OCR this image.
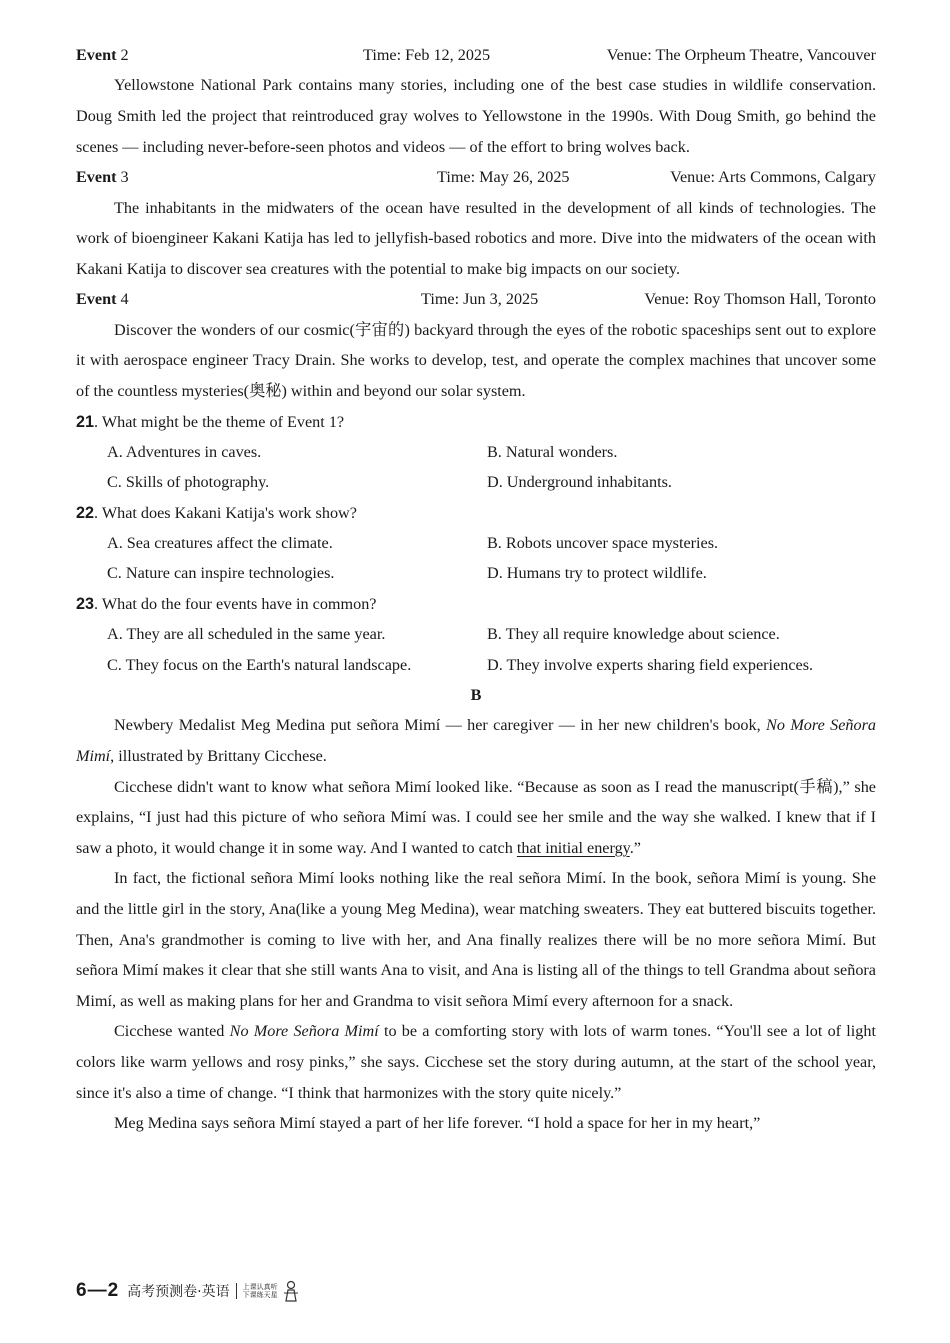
Event 2	Time: Feb 12, 2025	Venue: The Orpheum Theatre, Vancouver

Yellowstone National Park contains many stories, including one of the best case studies in wildlife conservation. Doug Smith led the project that reintroduced gray wolves to Yellowstone in the 1990s. With Doug Smith, go behind the scenes — including never-before-seen photos and videos — of the effort to bring wolves back.

Event 3	Time: May 26, 2025	Venue: Arts Commons, Calgary

The inhabitants in the midwaters of the ocean have resulted in the development of all kinds of technologies. The work of bioengineer Kakani Katija has led to jellyfish-based robotics and more. Dive into the midwaters of the ocean with Kakani Katija to discover sea creatures with the potential to make big impacts on our society.

Event 4	Time: Jun 3, 2025	Venue: Roy Thomson Hall, Toronto

Discover the wonders of our cosmic(宇宙的) backyard through the eyes of the robotic spaceships sent out to explore it with aerospace engineer Tracy Drain. She works to develop, test, and operate the complex machines that uncover some of the countless mysteries(奥秘) within and beyond our solar system.

21. What might be the theme of Event 1?
A. Adventures in caves.	B. Natural wonders.
C. Skills of photography.	D. Underground inhabitants.
22. What does Kakani Katija's work show?
A. Sea creatures affect the climate.	B. Robots uncover space mysteries.
C. Nature can inspire technologies.	D. Humans try to protect wildlife.
23. What do the four events have in common?
A. They are all scheduled in the same year.	B. They all require knowledge about science.
C. They focus on the Earth's natural landscape.	D. They involve experts sharing field experiences.
B

Newbery Medalist Meg Medina put señora Mimí — her caregiver — in her new children's book, No More Señora Mimí, illustrated by Brittany Cicchese.

Cicchese didn't want to know what señora Mimí looked like. “Because as soon as I read the manuscript(手稿),” she explains, “I just had this picture of who señora Mimí was. I could see her smile and the way she walked. I knew that if I saw a photo, it would change it in some way. And I wanted to catch that initial energy.”

In fact, the fictional señora Mimí looks nothing like the real señora Mimí. In the book, señora Mimí is young. She and the little girl in the story, Ana(like a young Meg Medina), wear matching sweaters. They eat buttered biscuits together. Then, Ana's grandmother is coming to live with her, and Ana finally realizes there will be no more señora Mimí. But señora Mimí makes it clear that she still wants Ana to visit, and Ana is listing all of the things to tell Grandma about señora Mimí, as well as making plans for her and Grandma to visit señora Mimí every afternoon for a snack.

Cicchese wanted No More Señora Mimí to be a comforting story with lots of warm tones. “You'll see a lot of light colors like warm yellows and rosy pinks,” she says. Cicchese set the story during autumn, at the start of the school year, since it's also a time of change. “I think that harmonizes with the story quite nicely.”

Meg Medina says señora Mimí stayed a part of her life forever. “I hold a space for her in my heart,”

6—2 高考预测卷·英语 上课认真听
下课练天星
